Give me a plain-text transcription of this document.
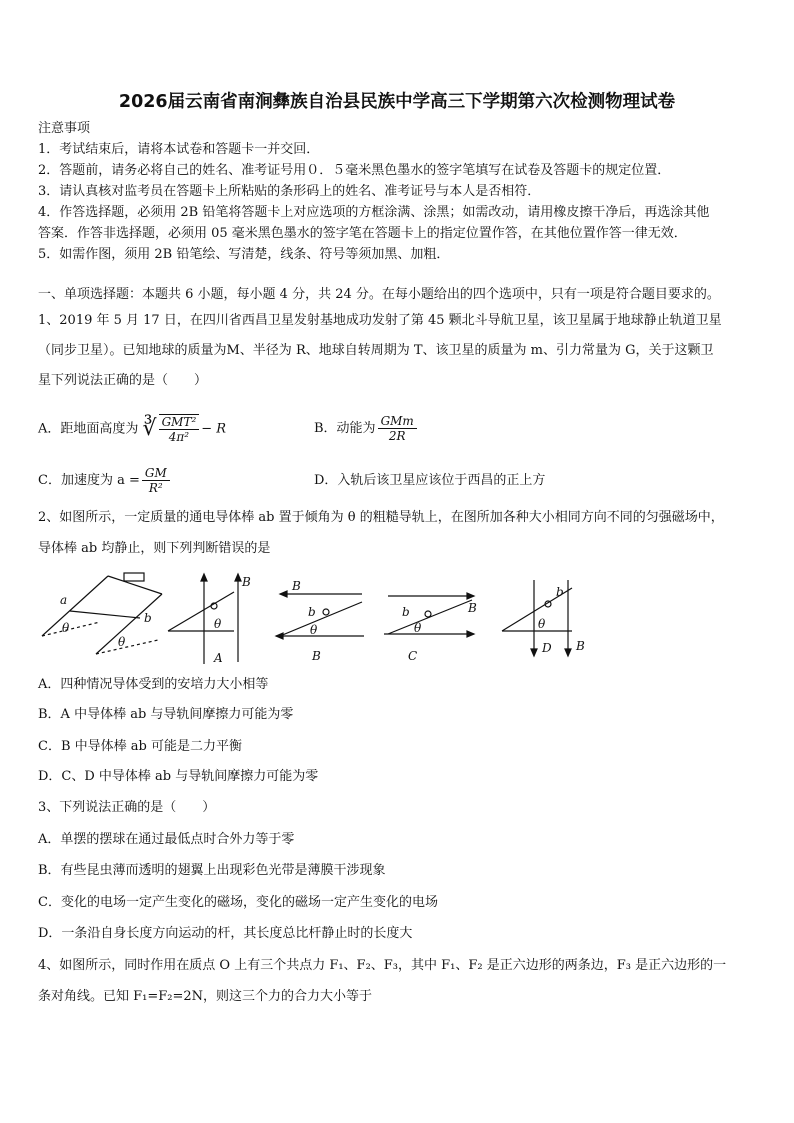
2026届云南省南涧彝族自治县民族中学高三下学期第六次检测物理试卷
注意事项
1．考试结束后，请将本试卷和答题卡一并交回．
2．答题前，请务必将自己的姓名、准考证号用０．５毫米黑色墨水的签字笔填写在试卷及答题卡的规定位置．
3．请认真核对监考员在答题卡上所粘贴的条形码上的姓名、准考证号与本人是否相符．
4．作答选择题，必须用 2B 铅笔将答题卡上对应选项的方框涂满、涂黑；如需改动，请用橡皮擦干净后，再选涂其他
答案．作答非选择题，必须用 05 毫米黑色墨水的签字笔在答题卡上的指定位置作答，在其他位置作答一律无效．
5．如需作图，须用 2B 铅笔绘、写清楚，线条、符号等须加黑、加粗．
一、单项选择题：本题共 6 小题，每小题 4 分，共 24 分。在每小题给出的四个选项中，只有一项是符合题目要求的。
1、2019 年 5 月 17 日，在四川省西昌卫星发射基地成功发射了第 45 颗北斗导航卫星，该卫星属于地球静止轨道卫星
（同步卫星）。已知地球的质量为M、半径为 R、地球自转周期为 T、该卫星的质量为 m、引力常量为 G，关于这颗卫
星下列说法正确的是（　　）
A．距地面高度为 ∛ $\frac{\text{GMT²}}{\text{4π²}} - R$	B．动能为 $\frac{\text{GMm}}{2R}$
C．加速度为 $a = \frac{GM}{\text{R²}}$	D．入轨后该卫星应该位于西昌的正上方
2、如图所示，一定质量的通电导体棒 ab 置于倾角为 θ 的粗糙导轨上，在图所加各种大小相同方向不同的匀强磁场中，
导体棒 ab 均静止，则下列判断错误的是
a
b
θ
θ
B
θ
A
B
b
θ
B
b	B
θ
C
b
θ
D B
A．四种情况导体受到的安培力大小相等
B．A 中导体棒 ab 与导轨间摩擦力可能为零
C．B 中导体棒 ab 可能是二力平衡
D．C、D 中导体棒 ab 与导轨间摩擦力可能为零
3、下列说法正确的是（　　）
A．单摆的摆球在通过最低点时合外力等于零
B．有些昆虫薄而透明的翅翼上出现彩色光带是薄膜干涉现象
C．变化的电场一定产生变化的磁场，变化的磁场一定产生变化的电场
D．一条沿自身长度方向运动的杆，其长度总比杆静止时的长度大
4、如图所示，同时作用在质点 O 上有三个共点力 F₁、F₂、F₃，其中 F₁、F₂ 是正六边形的两条边，F₃ 是正六边形的一
条对角线。已知 F₁=F₂=2N，则这三个力的合力大小等于
